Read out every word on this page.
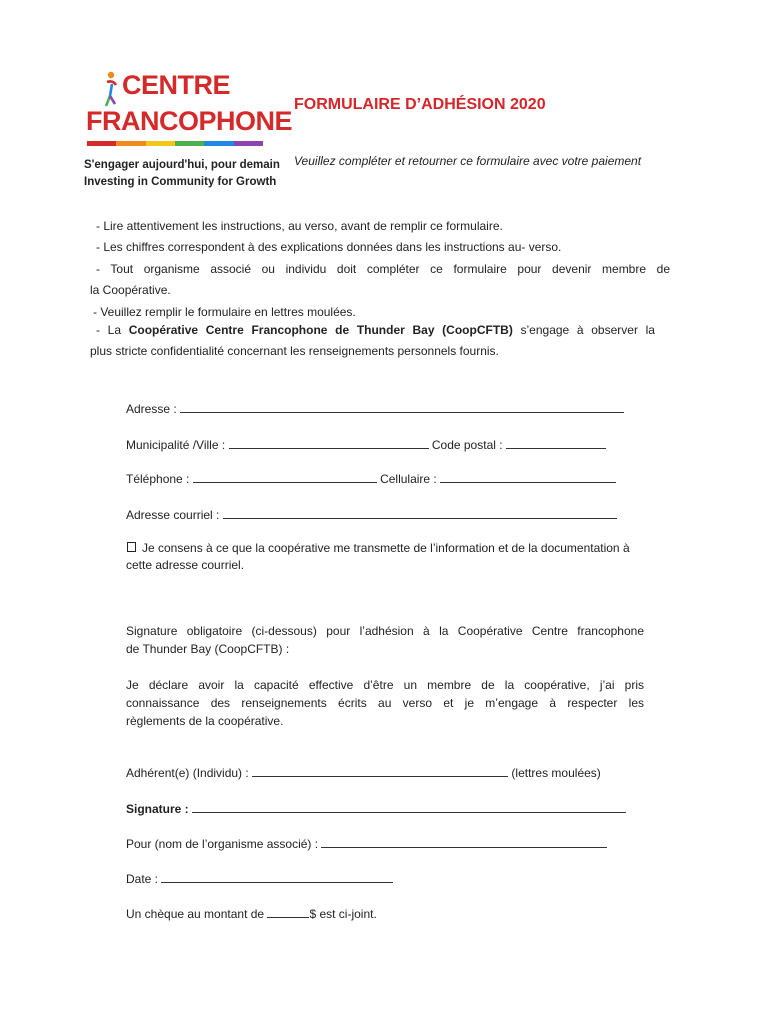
CENTRE
FRANCOPHONE
S'engager aujourd'hui, pour demain
Investing in Community for Growth
FORMULAIRE D’ADHÉSION 2020
Veuillez compléter et retourner ce formulaire avec votre paiement
- Lire attentivement les instructions, au verso, avant de remplir ce formulaire.
- Les chiffres correspondent à des explications données dans les instructions au- verso.
- Tout organisme associé ou individu doit compléter ce formulaire pour devenir membre de
la Coopérative.
- Veuillez remplir le formulaire en lettres moulées.
- La Coopérative Centre Francophone de Thunder Bay (CoopCFTB) s’engage à observer la
plus stricte confidentialité concernant les renseignements personnels fournis.
Adresse :
Municipalité /Ville :	Code postal :
Téléphone :	Cellulaire :
Adresse courriel :
Je consens à ce que la coopérative me transmette de l’information et de la documentation à
cette adresse courriel.
Signature obligatoire (ci-dessous) pour l’adhésion à la Coopérative Centre francophone
de Thunder Bay (CoopCFTB) :
Je déclare avoir la capacité effective d’être un membre de la coopérative, j’ai pris
connaissance des renseignements écrits au verso et je m’engage à respecter les
règlements de la coopérative.
Adhérent(e) (Individu) :	(lettres moulées)
Signature :
Pour (nom de l’organisme associé) :
Date :
Un chèque au montant de	$ est ci-joint.
